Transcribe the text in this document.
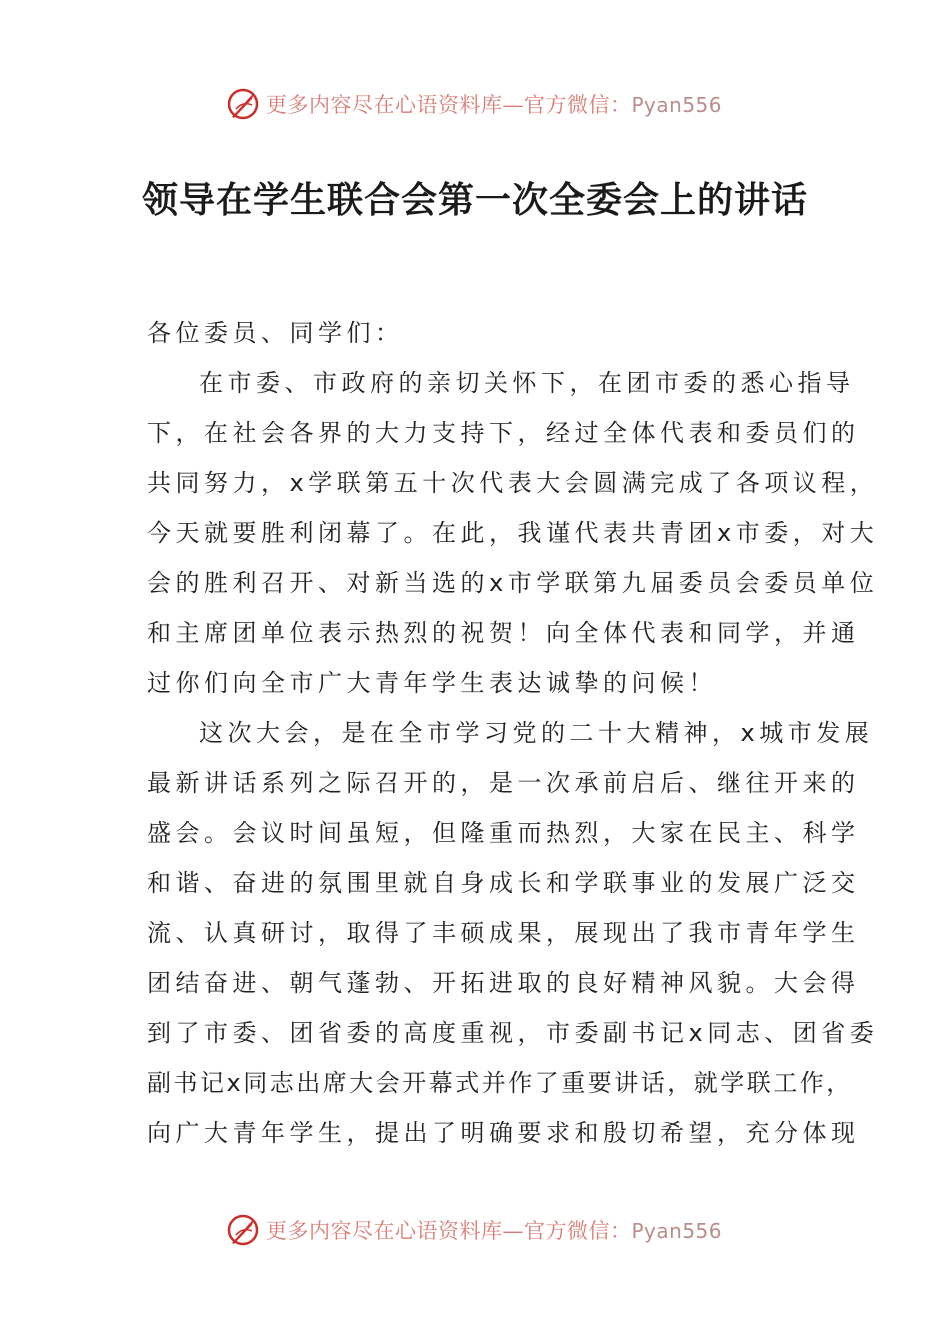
更多内容尽在心语资料库—官方微信：Pyan556
领导在学生联合会第一次全委会上的讲话
各位委员、同学们：
在市委、市政府的亲切关怀下，在团市委的悉心指导
下，在社会各界的大力支持下，经过全体代表和委员们的
共同努力，x学联第五十次代表大会圆满完成了各项议程，
今天就要胜利闭幕了。在此，我谨代表共青团x市委，对大
会的胜利召开、对新当选的x市学联第九届委员会委员单位
和主席团单位表示热烈的祝贺！向全体代表和同学，并通
过你们向全市广大青年学生表达诚挚的问候！
这次大会，是在全市学习党的二十大精神，x城市发展
最新讲话系列之际召开的，是一次承前启后、继往开来的
盛会。会议时间虽短，但隆重而热烈，大家在民主、科学
和谐、奋进的氛围里就自身成长和学联事业的发展广泛交
流、认真研讨，取得了丰硕成果，展现出了我市青年学生
团结奋进、朝气蓬勃、开拓进取的良好精神风貌。大会得
到了市委、团省委的高度重视，市委副书记x同志、团省委
副书记x同志出席大会开幕式并作了重要讲话，就学联工作，
向广大青年学生，提出了明确要求和殷切希望，充分体现
更多内容尽在心语资料库—官方微信：Pyan556
